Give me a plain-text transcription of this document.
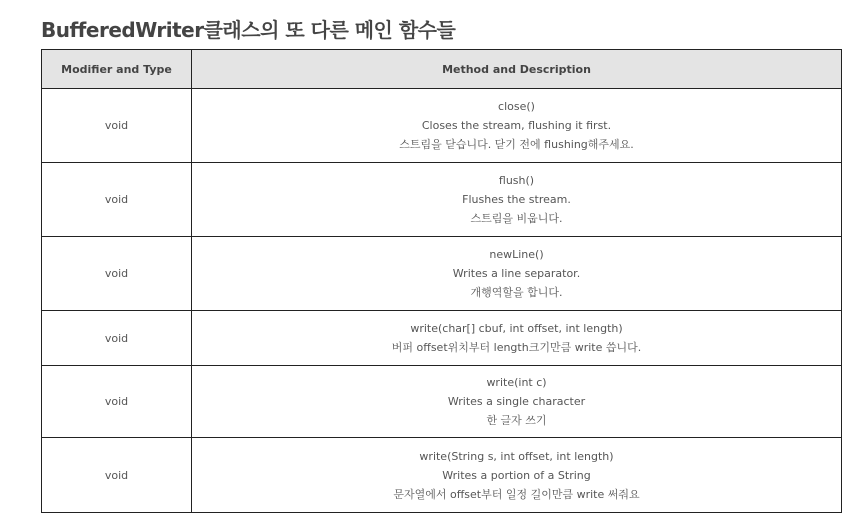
BufferedWriter클래스의 또 다른 메인 함수들
Modifier and Type	Method and Description
void	close()
Closes the stream, flushing it first.
스트림을 닫습니다. 닫기 전에 flushing해주세요.

void	flush()
Flushes the stream.
스트림을 비웁니다.

void	newLine()
Writes a line separator.
개행역할을 합니다.

void	write(char[] cbuf, int offset, int length)
버퍼 offset위치부터 length크기만큼 write 씁니다.

void	write(int c)
Writes a single character
한 글자 쓰기

void	write(String s, int offset, int length)
Writes a portion of a String
문자열에서 offset부터 일정 길이만큼 write 써줘요
